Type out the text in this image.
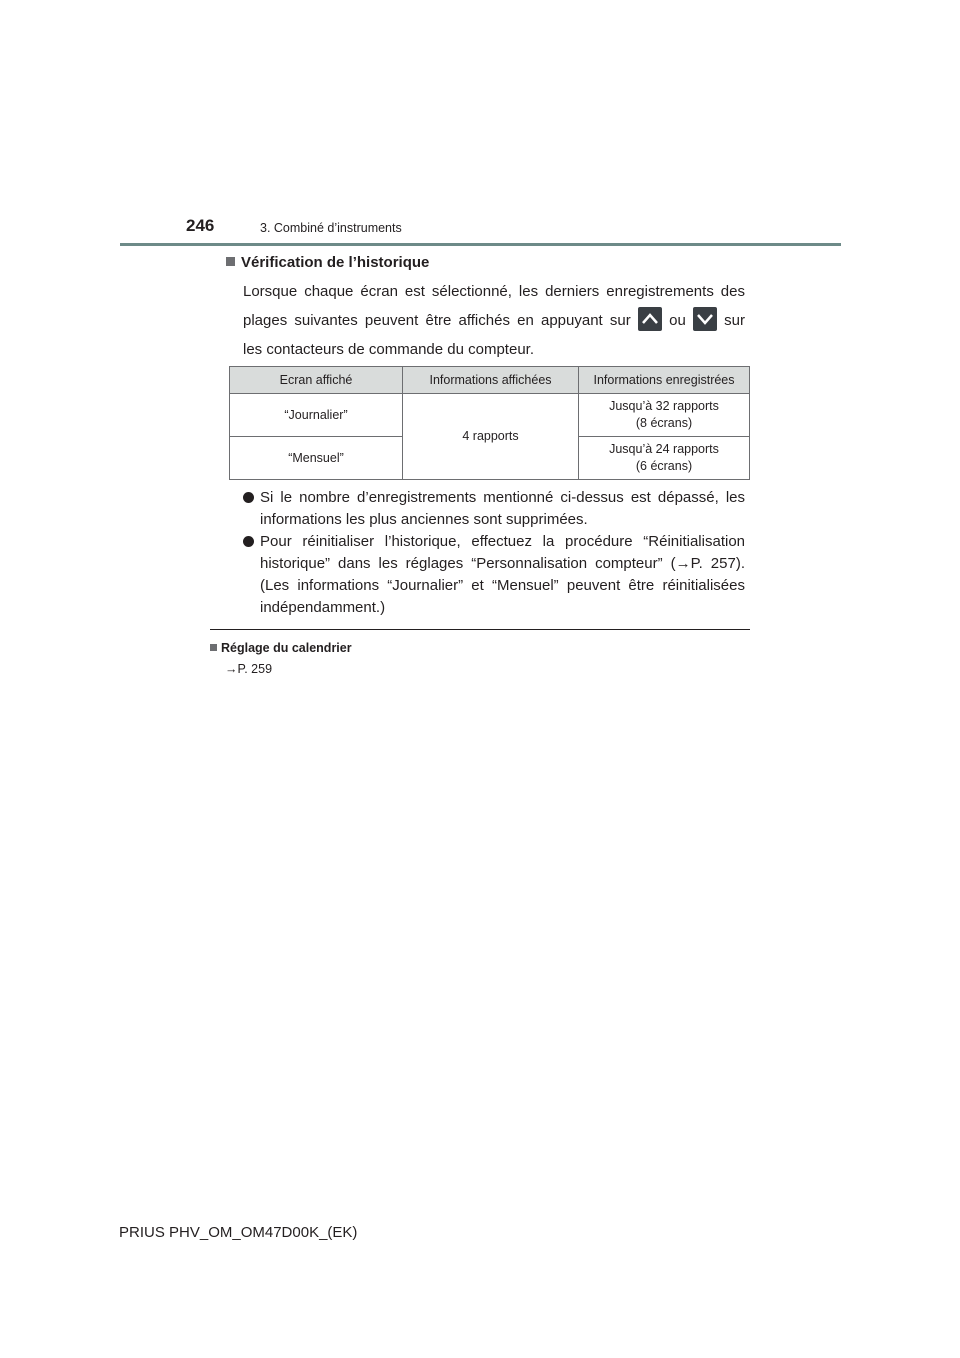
246	3. Combiné d’instruments
Vérification de l’historique
Lorsque chaque écran est sélectionné, les derniers enregistrements des
plages suivantes peuvent être affichés en appuyant sur	ou	sur
les contacteurs de commande du compteur.
Ecran affiché	Informations affichées	Informations enregistrées
“Journalier”	4 rapports	Jusqu’à 32 rapports
(8 écrans)

“Mensuel”		Jusqu’à 24 rapports
(6 écrans)
Si le nombre d’enregistrements mentionné ci-dessus est dépassé, les informations les plus anciennes sont supprimées.
Pour réinitialiser l’historique, effectuez la procédure “Réinitialisation historique” dans les réglages “Personnalisation compteur” (→P. 257). (Les informations “Journalier” et “Mensuel” peuvent être réinitialisées indépendamment.)
Réglage du calendrier
→P. 259
PRIUS PHV_OM_OM47D00K_(EK)
